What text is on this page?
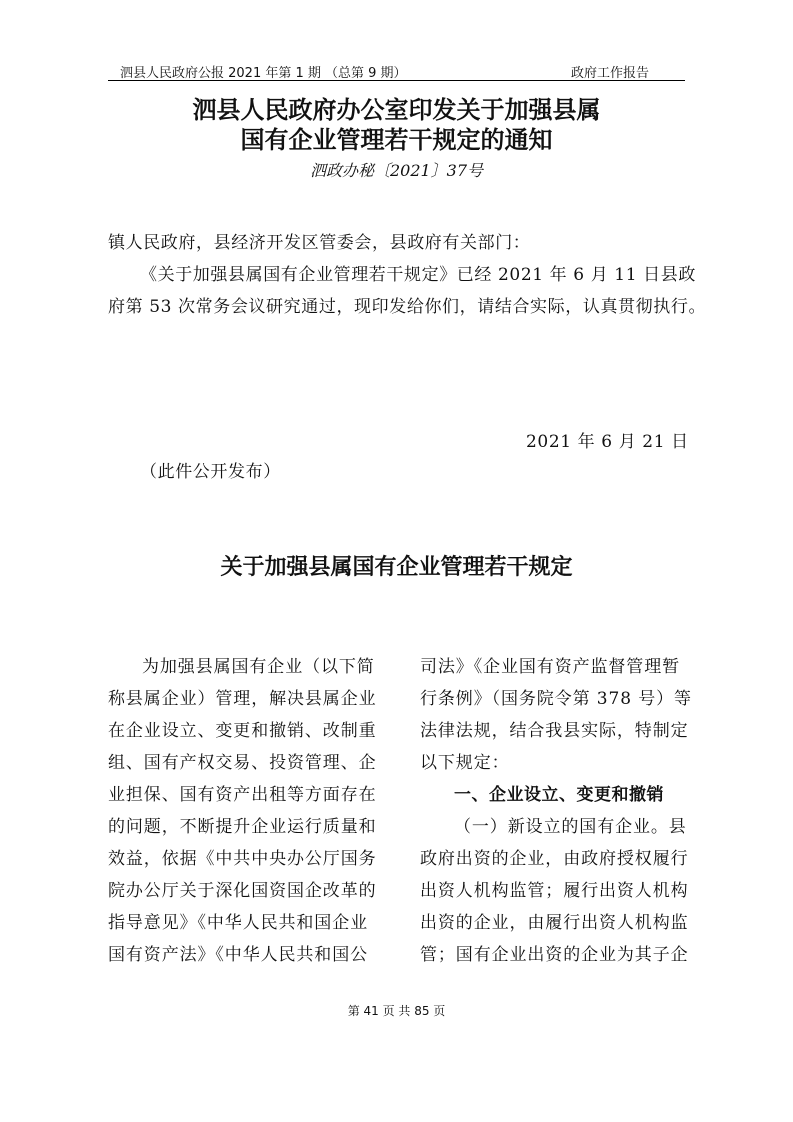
泗县人民政府公报 2021 年第 1 期 （总第 9 期）	政府工作报告
泗县人民政府办公室印发关于加强县属
国有企业管理若干规定的通知
泗政办秘〔2021〕37号
镇人民政府，县经济开发区管委会，县政府有关部门：
《关于加强县属国有企业管理若干规定》已经 2021 年 6 月 11 日县政
府第 53 次常务会议研究通过，现印发给你们，请结合实际，认真贯彻执行。
2021 年 6 月 21 日
（此件公开发布）
关于加强县属国有企业管理若干规定
为加强县属国有企业（以下简
称县属企业）管理，解决县属企业
在企业设立、变更和撤销、改制重
组、国有产权交易、投资管理、企
业担保、国有资产出租等方面存在
的问题，不断提升企业运行质量和
效益，依据《中共中央办公厅国务
院办公厅关于深化国资国企改革的
指导意见》《中华人民共和国企业
国有资产法》《中华人民共和国公
司法》《企业国有资产监督管理暂
行条例》（国务院令第 378 号）等
法律法规，结合我县实际，特制定
以下规定：
一、企业设立、变更和撤销
（一）新设立的国有企业。县
政府出资的企业，由政府授权履行
出资人机构监管；履行出资人机构
出资的企业，由履行出资人机构监
管；国有企业出资的企业为其子企
第 41 页 共 85 页
